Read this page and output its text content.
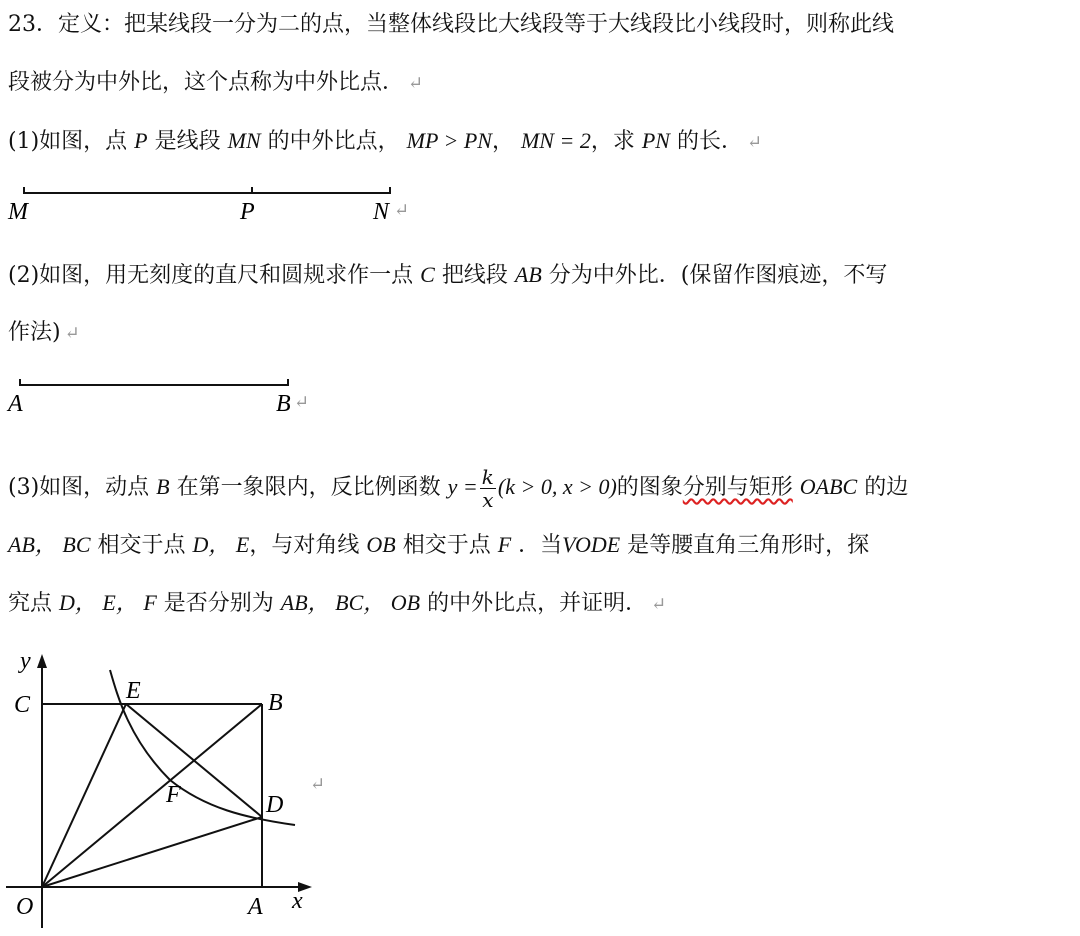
23．定义：把某线段一分为二的点，当整体线段比大线段等于大线段比小线段时，则称此线
段被分为中外比，这个点称为中外比点． ↵
(1)如图，点 P 是线段 MN 的中外比点， MP > PN， MN = 2，求 PN 的长． ↵
M	P	N ↵
(2)如图，用无刻度的直尺和圆规求作一点 C 把线段 AB 分为中外比．(保留作图痕迹，不写
作法) ↵
A	B ↵
(3)如图，动点 B 在第一象限内，反比例函数 $y = \frac{k}{x} (k > 0$, x > 0)的图象分别与矩形 OABC 的边
AB， BC 相交于点 D， E，与对角线 OB 相交于点 F ．当VODE 是等腰直角三角形时，探
究点 D， E， F 是否分别为 AB， BC， OB 的中外比点，并证明． ↵
y
x
O	A
B
C
D
E
F	↵
